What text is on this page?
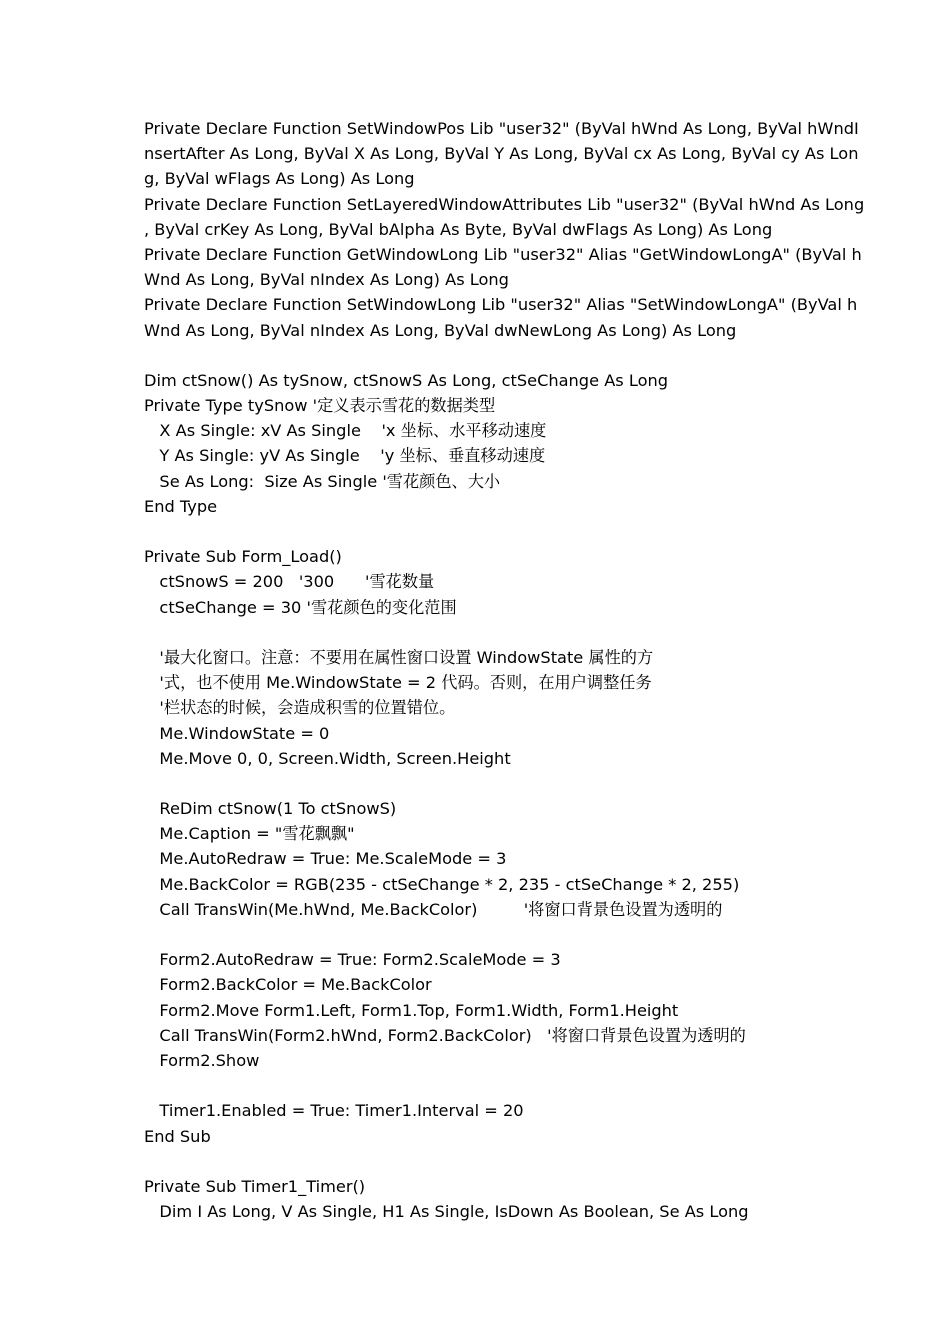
Private Declare Function SetWindowPos Lib "user32" (ByVal hWnd As Long, ByVal hWndI
nsertAfter As Long, ByVal X As Long, ByVal Y As Long, ByVal cx As Long, ByVal cy As Lon
g, ByVal wFlags As Long) As Long
Private Declare Function SetLayeredWindowAttributes Lib "user32" (ByVal hWnd As Long
, ByVal crKey As Long, ByVal bAlpha As Byte, ByVal dwFlags As Long) As Long
Private Declare Function GetWindowLong Lib "user32" Alias "GetWindowLongA" (ByVal h
Wnd As Long, ByVal nIndex As Long) As Long
Private Declare Function SetWindowLong Lib "user32" Alias "SetWindowLongA" (ByVal h
Wnd As Long, ByVal nIndex As Long, ByVal dwNewLong As Long) As Long
Dim ctSnow() As tySnow, ctSnowS As Long, ctSeChange As Long
Private Type tySnow '定义表示雪花的数据类型
X As Single: xV As Single    'x 坐标、水平移动速度
Y As Single: yV As Single    'y 坐标、垂直移动速度
Se As Long:  Size As Single '雪花颜色、大小
End Type
Private Sub Form_Load()
ctSnowS = 200   '300      '雪花数量
ctSeChange = 30 '雪花颜色的变化范围
'最大化窗口。注意：不要用在属性窗口设置 WindowState 属性的方
'式，也不使用 Me.WindowState = 2 代码。否则，在用户调整任务
'栏状态的时候，会造成积雪的位置错位。
Me.WindowState = 0
Me.Move 0, 0, Screen.Width, Screen.Height
ReDim ctSnow(1 To ctSnowS)
Me.Caption = "雪花飘飘"
Me.AutoRedraw = True: Me.ScaleMode = 3
Me.BackColor = RGB(235 - ctSeChange * 2, 235 - ctSeChange * 2, 255)
Call TransWin(Me.hWnd, Me.BackColor)         '将窗口背景色设置为透明的
Form2.AutoRedraw = True: Form2.ScaleMode = 3
Form2.BackColor = Me.BackColor
Form2.Move Form1.Left, Form1.Top, Form1.Width, Form1.Height
Call TransWin(Form2.hWnd, Form2.BackColor)   '将窗口背景色设置为透明的
Form2.Show
Timer1.Enabled = True: Timer1.Interval = 20
End Sub
Private Sub Timer1_Timer()
Dim I As Long, V As Single, H1 As Single, IsDown As Boolean, Se As Long
